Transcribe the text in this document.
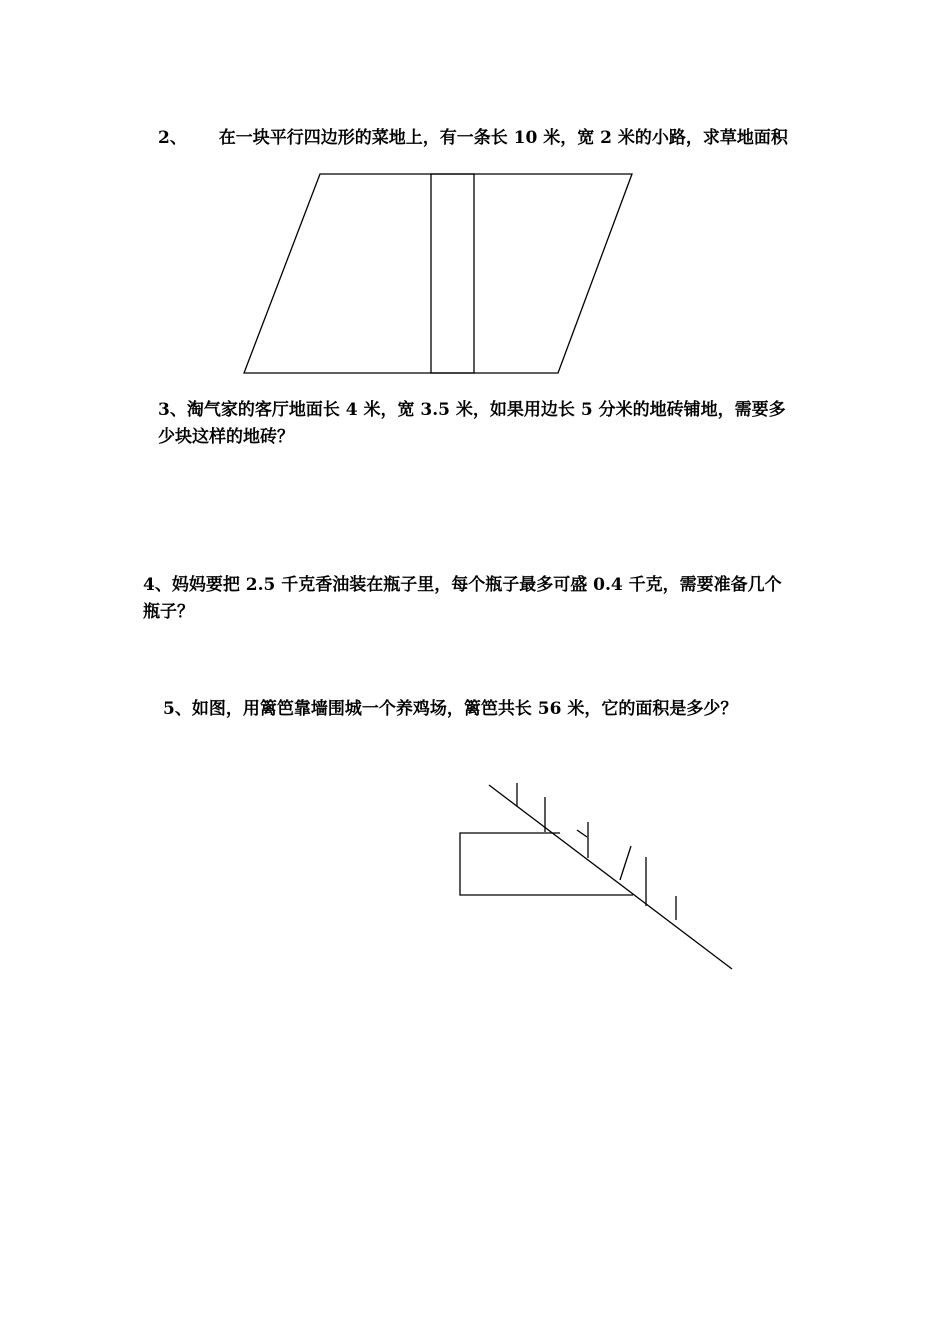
2、 在一块平行四边形的菜地上，有一条长 10 米，宽 2 米的小路，求草地面积
3、淘气家的客厅地面长 4 米，宽 3.5 米，如果用边长 5 分米的地砖铺地，需要多
少块这样的地砖？
4、妈妈要把 2.5 千克香油装在瓶子里，每个瓶子最多可盛 0.4 千克，需要准备几个
瓶子？
5、如图，用篱笆靠墙围城一个养鸡场，篱笆共长 56 米，它的面积是多少？
